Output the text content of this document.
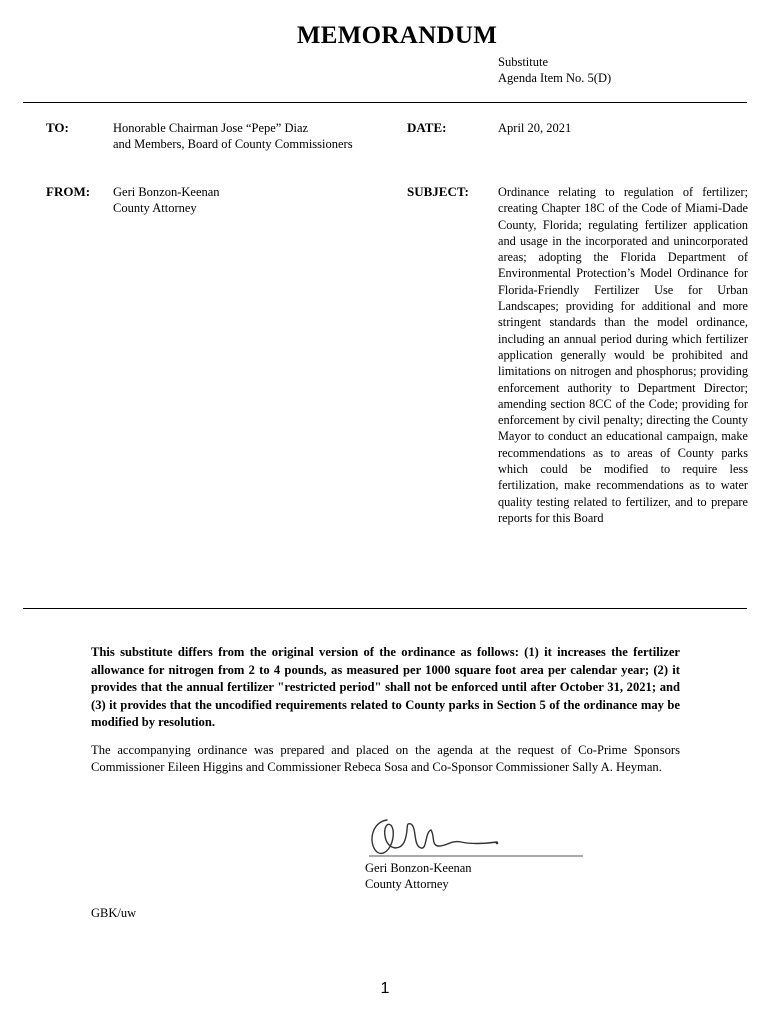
MEMORANDUM
Substitute
Agenda Item No. 5(D)
TO:	Honorable Chairman Jose “Pepe” Diaz
and Members, Board of County Commissioners
DATE:	April 20, 2021
FROM: Geri Bonzon-Keenan
County Attorney
SUBJECT: Ordinance relating to regulation of fertilizer; creating Chapter 18C of the Code of Miami-Dade County, Florida; regulating fertilizer application and usage in the incorporated and unincorporated areas; adopting the Florida Department of Environmental Protection’s Model Ordinance for Florida-Friendly Fertilizer Use for Urban Landscapes; providing for additional and more stringent standards than the model ordinance, including an annual period during which fertilizer application generally would be prohibited and limitations on nitrogen and phosphorus; providing enforcement authority to Department Director; amending section 8CC of the Code; providing for enforcement by civil penalty; directing the County Mayor to conduct an educational campaign, make recommendations as to areas of County parks which could be modified to require less fertilization, make recommendations as to water quality testing related to fertilizer, and to prepare reports for this Board
This substitute differs from the original version of the ordinance as follows: (1) it increases the fertilizer allowance for nitrogen from 2 to 4 pounds, as measured per 1000 square foot area per calendar year; (2) it provides that the annual fertilizer "restricted period" shall not be enforced until after October 31, 2021; and (3) it provides that the uncodified requirements related to County parks in Section 5 of the ordinance may be modified by resolution.
The accompanying ordinance was prepared and placed on the agenda at the request of Co-Prime Sponsors Commissioner Eileen Higgins and Commissioner Rebeca Sosa and Co-Sponsor Commissioner Sally A. Heyman.
Geri Bonzon-Keenan
County Attorney
GBK/uw
1
